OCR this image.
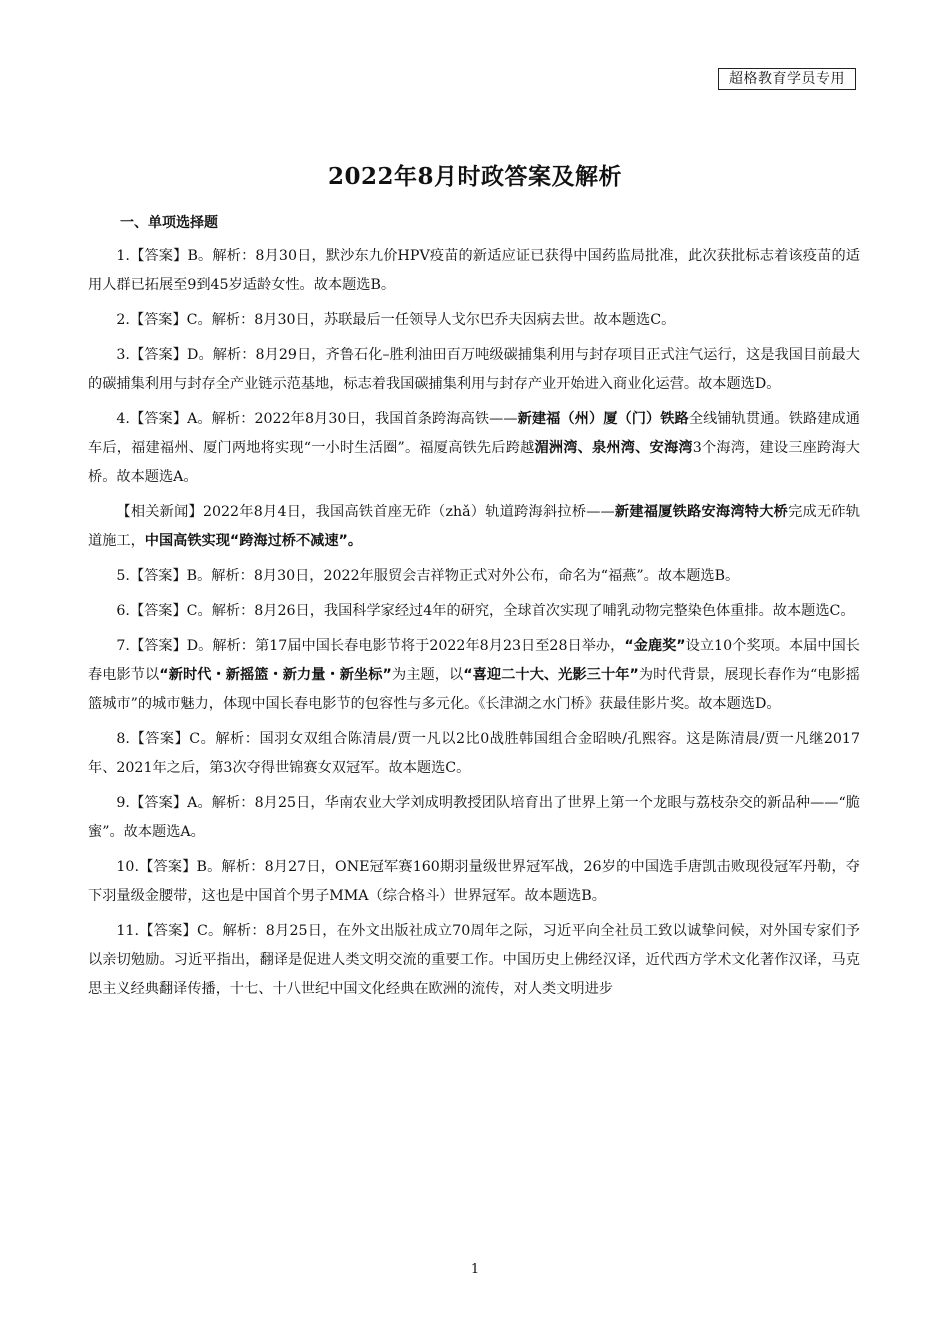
超格教育学员专用
2022年8月时政答案及解析
一、单项选择题

1.【答案】B。解析：8月30日，默沙东九价HPV疫苗的新适应证已获得中国药监局批准，此次获批标志着该疫苗的适用人群已拓展至9到45岁适龄女性。故本题选B。

2.【答案】C。解析：8月30日，苏联最后一任领导人戈尔巴乔夫因病去世。故本题选C。

3.【答案】D。解析：8月29日，齐鲁石化–胜利油田百万吨级碳捕集利用与封存项目正式注气运行，这是我国目前最大的碳捕集利用与封存全产业链示范基地，标志着我国碳捕集利用与封存产业开始进入商业化运营。故本题选D。

4.【答案】A。解析：2022年8月30日，我国首条跨海高铁——新建福（州）厦（门）铁路全线铺轨贯通。铁路建成通车后，福建福州、厦门两地将实现“一小时生活圈”。福厦高铁先后跨越湄洲湾、泉州湾、安海湾3个海湾，建设三座跨海大桥。故本题选A。

【相关新闻】2022年8月4日，我国高铁首座无砟（zhǎ）轨道跨海斜拉桥——新建福厦铁路安海湾特大桥完成无砟轨道施工，中国高铁实现“跨海过桥不减速”。

5.【答案】B。解析：8月30日，2022年服贸会吉祥物正式对外公布，命名为“福燕”。故本题选B。

6.【答案】C。解析：8月26日，我国科学家经过4年的研究，全球首次实现了哺乳动物完整染色体重排。故本题选C。

7.【答案】D。解析：第17届中国长春电影节将于2022年8月23日至28日举办，“金鹿奖”设立10个奖项。本届中国长春电影节以“新时代・新摇篮・新力量・新坐标”为主题，以“喜迎二十大、光影三十年”为时代背景，展现长春作为“电影摇篮城市”的城市魅力，体现中国长春电影节的包容性与多元化。《长津湖之水门桥》获最佳影片奖。故本题选D。

8.【答案】C。解析：国羽女双组合陈清晨/贾一凡以2比0战胜韩国组合金昭映/孔熙容。这是陈清晨/贾一凡继2017年、2021年之后，第3次夺得世锦赛女双冠军。故本题选C。

9.【答案】A。解析：8月25日，华南农业大学刘成明教授团队培育出了世界上第一个龙眼与荔枝杂交的新品种——“脆蜜”。故本题选A。

10.【答案】B。解析：8月27日，ONE冠军赛160期羽量级世界冠军战，26岁的中国选手唐凯击败现役冠军丹勒，夺下羽量级金腰带，这也是中国首个男子MMA（综合格斗）世界冠军。故本题选B。

11.【答案】C。解析：8月25日，在外文出版社成立70周年之际，习近平向全社员工致以诚挚问候，对外国专家们予以亲切勉励。习近平指出，翻译是促进人类文明交流的重要工作。中国历史上佛经汉译，近代西方学术文化著作汉译，马克思主义经典翻译传播，十七、十八世纪中国文化经典在欧洲的流传，对人类文明进步

1
